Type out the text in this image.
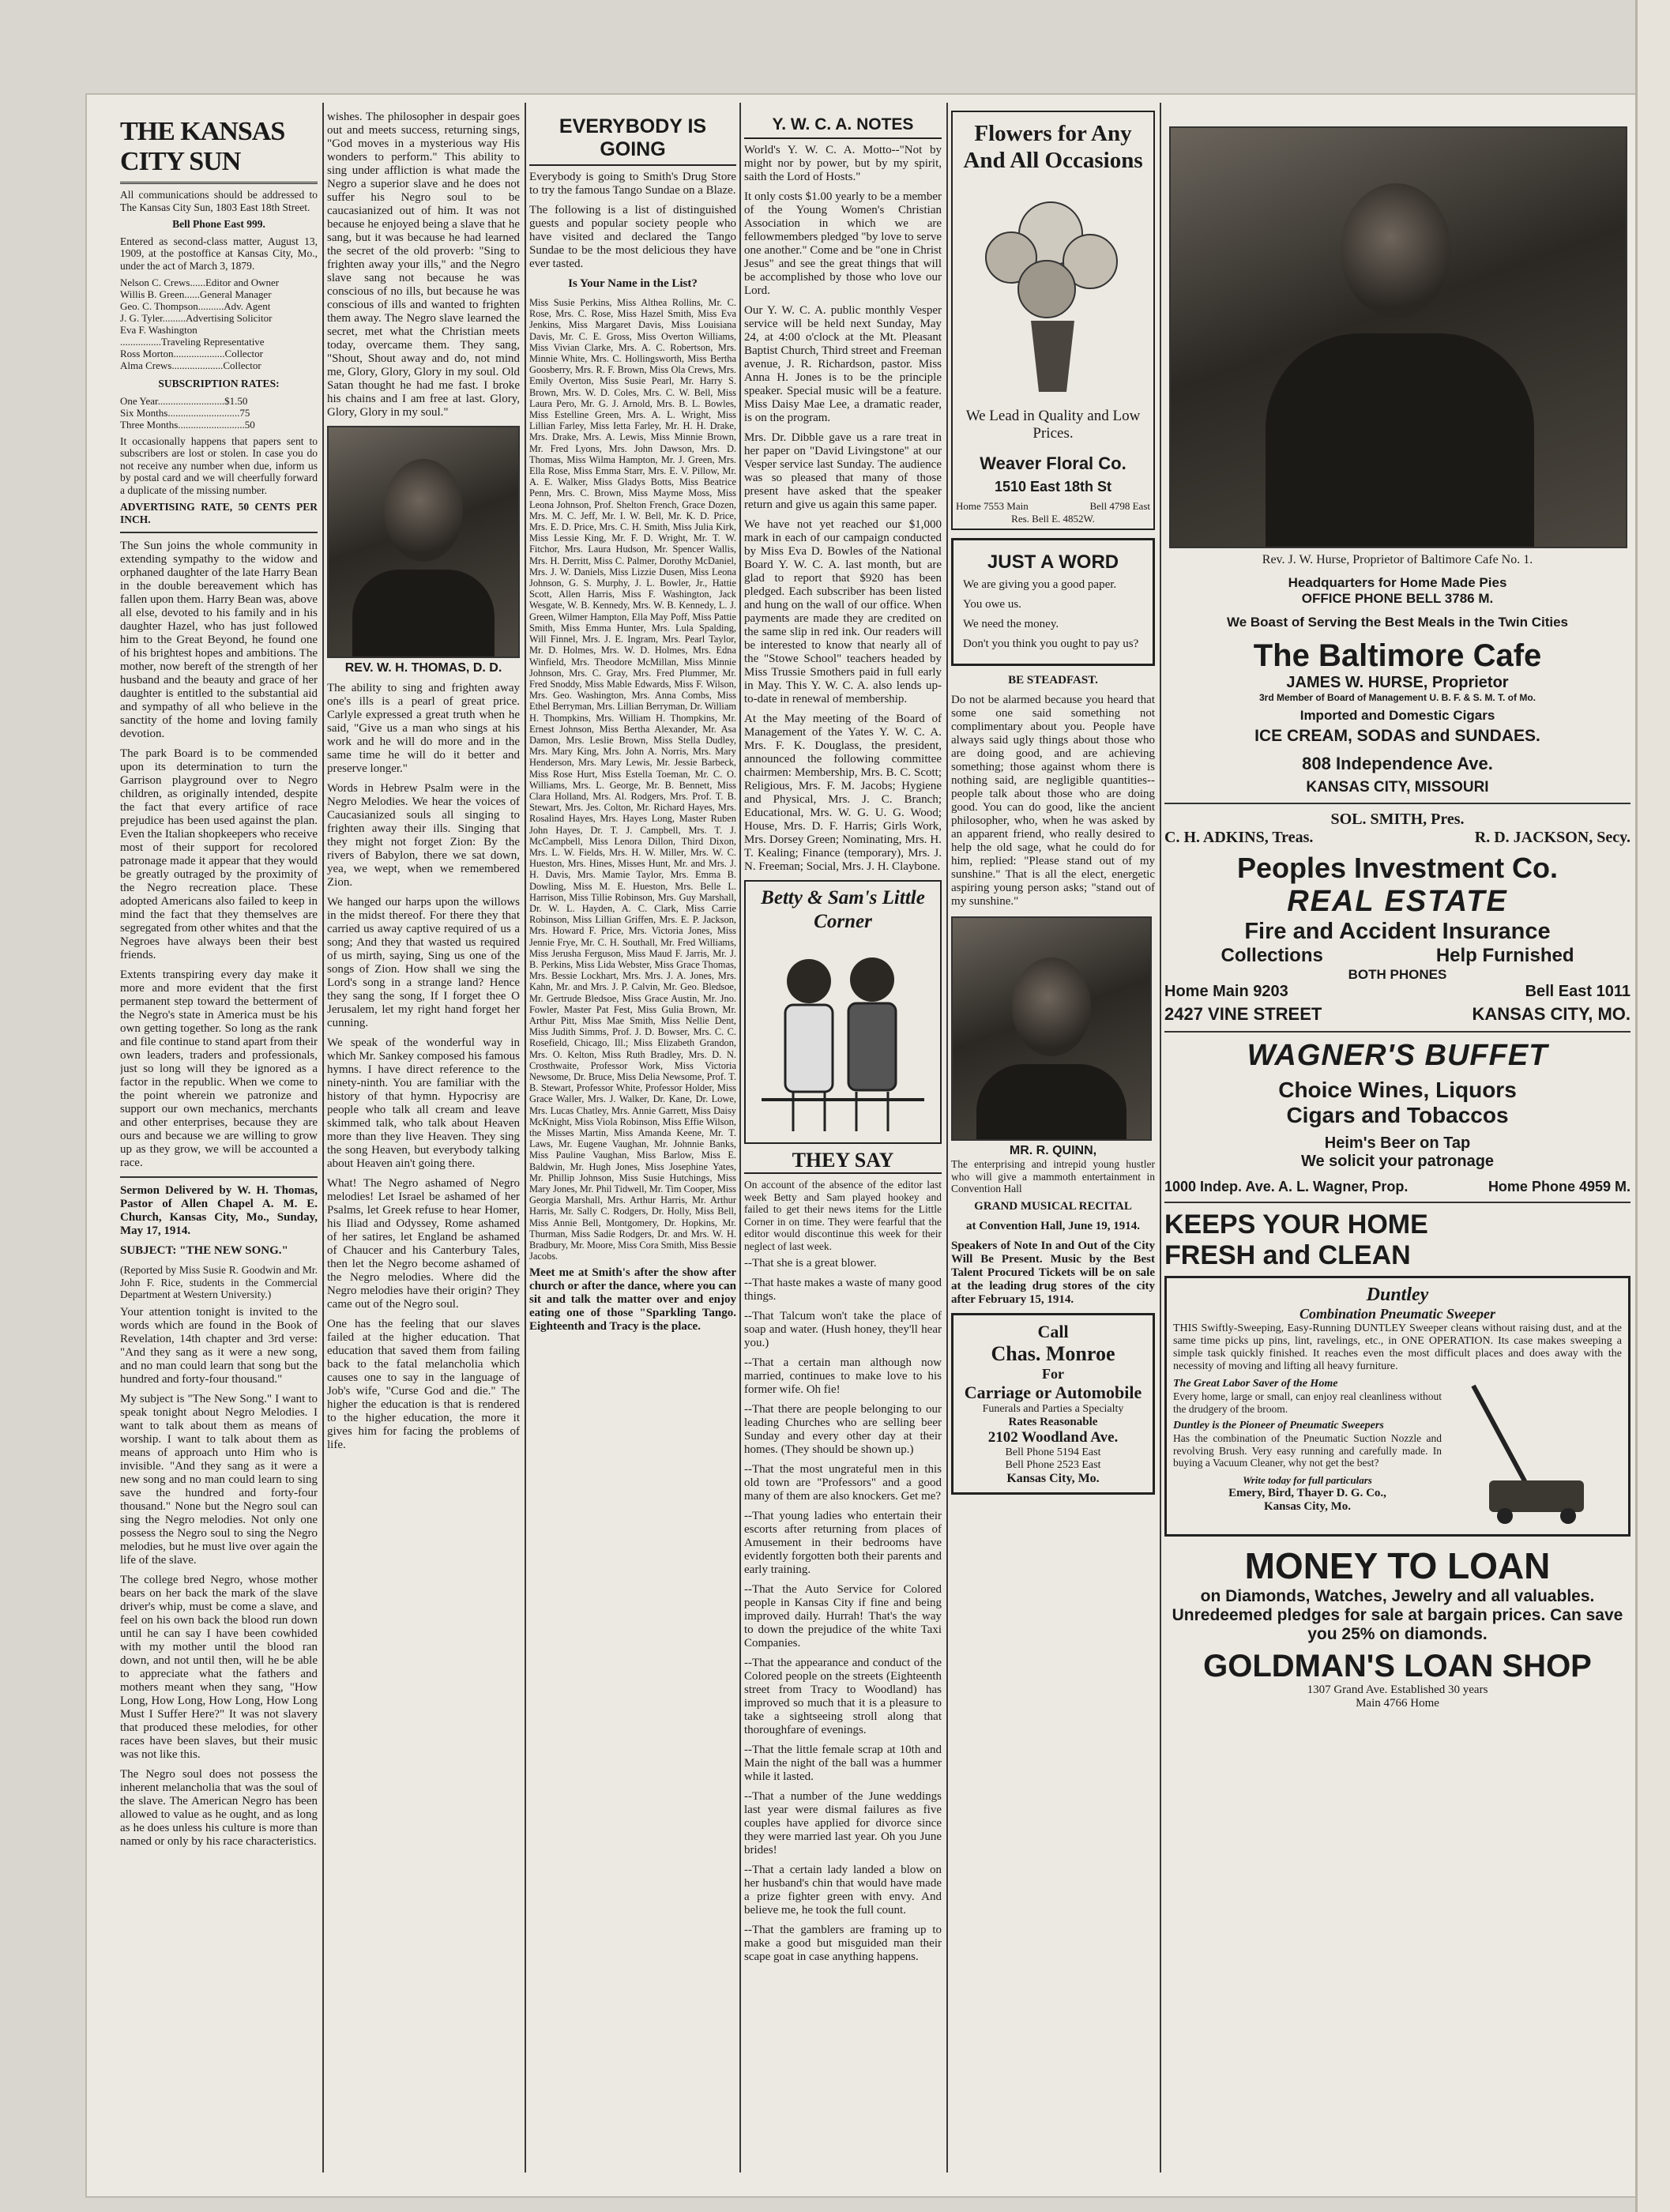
THE KANSAS CITY SUN

All communications should be addressed to The Kansas City Sun, 1803 East 18th Street.

Bell Phone East 999.

Entered as second-class matter, August 13, 1909, at the postoffice at Kansas City, Mo., under the act of March 3, 1879.

Nelson C. Crews......Editor and Owner
Willis B. Green......General Manager
Geo. C. Thompson..........Adv. Agent
J. G. Tyler.........Advertising Solicitor
Eva F. Washington
................Traveling Representative
Ross Morton....................Collector
Alma Crews....................Collector
SUBSCRIPTION RATES:
One Year..........................$1.50
Six Months............................75
Three Months..........................50

It occasionally happens that papers sent to subscribers are lost or stolen. In case you do not receive any number when due, inform us by postal card and we will cheerfully forward a duplicate of the missing number.

ADVERTISING RATE, 50 CENTS PER INCH.

The Sun joins the whole community in extending sympathy to the widow and orphaned daughter of the late Harry Bean in the double bereavement which has fallen upon them. Harry Bean was, above all else, devoted to his family and in his daughter Hazel, who has just followed him to the Great Beyond, he found one of his brightest hopes and ambitions. The mother, now bereft of the strength of her husband and the beauty and grace of her daughter is entitled to the substantial aid and sympathy of all who believe in the sanctity of the home and loving family devotion.

The park Board is to be commended upon its determination to turn the Garrison playground over to Negro children, as originally intended, despite the fact that every artifice of race prejudice has been used against the plan. Even the Italian shopkeepers who receive most of their support for recolored patronage made it appear that they would be greatly outraged by the proximity of the Negro recreation place. These adopted Americans also failed to keep in mind the fact that they themselves are segregated from other whites and that the Negroes have always been their best friends.

Extents transpiring every day make it more and more evident that the first permanent step toward the betterment of the Negro's state in America must be his own getting together. So long as the rank and file continue to stand apart from their own leaders, traders and professionals, just so long will they be ignored as a factor in the republic. When we come to the point wherein we patronize and support our own mechanics, merchants and other enterprises, because they are ours and because we are willing to grow up as they grow, we will be accounted a race.

Sermon Delivered by W. H. Thomas, Pastor of Allen Chapel A. M. E. Church, Kansas City, Mo., Sunday, May 17, 1914.

SUBJECT: "THE NEW SONG."

(Reported by Miss Susie R. Goodwin and Mr. John F. Rice, students in the Commercial Department at Western University.)

Your attention tonight is invited to the words which are found in the Book of Revelation, 14th chapter and 3rd verse: "And they sang as it were a new song, and no man could learn that song but the hundred and forty-four thousand."

My subject is "The New Song." I want to speak tonight about Negro Melodies. I want to talk about them as means of worship. I want to talk about them as means of approach unto Him who is invisible. "And they sang as it were a new song and no man could learn to sing save the hundred and forty-four thousand." None but the Negro soul can sing the Negro melodies. Not only one possess the Negro soul to sing the Negro melodies, but he must live over again the life of the slave.

The college bred Negro, whose mother bears on her back the mark of the slave driver's whip, must be come a slave, and feel on his own back the blood run down until he can say I have been cowhided with my mother until the blood ran down, and not until then, will he be able to appreciate what the fathers and mothers meant when they sang, "How Long, How Long, How Long, How Long Must I Suffer Here?" It was not slavery that produced these melodies, for other races have been slaves, but their music was not like this.

The Negro soul does not possess the inherent melancholia that was the soul of the slave. The American Negro has been allowed to value as he ought, and as long as he does unless his culture is more than named or only by his race characteristics.

wishes. The philosopher in despair goes out and meets success, returning sings, "God moves in a mysterious way His wonders to perform." This ability to sing under affliction is what made the Negro a superior slave and he does not suffer his Negro soul to be caucasianized out of him. It was not because he enjoyed being a slave that he sang, but it was because he had learned the secret of the old proverb: "Sing to frighten away your ills," and the Negro slave sang not because he was conscious of no ills, but because he was conscious of ills and wanted to frighten them away. The Negro slave learned the secret, met what the Christian meets today, overcame them. They sang, "Shout, Shout away and do, not mind me, Glory, Glory, Glory in my soul. Old Satan thought he had me fast. I broke his chains and I am free at last. Glory, Glory, Glory in my soul."

REV. W. H. THOMAS, D. D.

The ability to sing and frighten away one's ills is a pearl of great price. Carlyle expressed a great truth when he said, "Give us a man who sings at his work and he will do more and in the same time he will do it better and preserve longer."

Words in Hebrew Psalm were in the Negro Melodies. We hear the voices of Caucasianized souls all singing to frighten away their ills. Singing that they might not forget Zion: By the rivers of Babylon, there we sat down, yea, we wept, when we remembered Zion.

We hanged our harps upon the willows in the midst thereof. For there they that carried us away captive required of us a song; And they that wasted us required of us mirth, saying, Sing us one of the songs of Zion. How shall we sing the Lord's song in a strange land? Hence they sang the song, If I forget thee O Jerusalem, let my right hand forget her cunning.

We speak of the wonderful way in which Mr. Sankey composed his famous hymns. I have direct reference to the ninety-ninth. You are familiar with the history of that hymn. Hypocrisy are people who talk all cream and leave skimmed talk, who talk about Heaven more than they live Heaven. They sing the song Heaven, but everybody talking about Heaven ain't going there.

What! The Negro ashamed of Negro melodies! Let Israel be ashamed of her Psalms, let Greek refuse to hear Homer, his Iliad and Odyssey, Rome ashamed of her satires, let England be ashamed of Chaucer and his Canterbury Tales, then let the Negro become ashamed of the Negro melodies. Where did the Negro melodies have their origin? They came out of the Negro soul.

One has the feeling that our slaves failed at the higher education. That education that saved them from failing back to the fatal melancholia which causes one to say in the language of Job's wife, "Curse God and die." The higher the education is that is rendered to the higher education, the more it gives him for facing the problems of life.

EVERYBODY IS GOING

Everybody is going to Smith's Drug Store to try the famous Tango Sundae on a Blaze.

The following is a list of distinguished guests and popular society people who have visited and declared the Tango Sundae to be the most delicious they have ever tasted.

Is Your Name in the List?

Miss Susie Perkins, Miss Althea Rollins, Mr. C. Rose, Mrs. C. Rose, Miss Hazel Smith, Miss Eva Jenkins, Miss Margaret Davis, Miss Louisiana Davis, Mr. C. E. Gross, Miss Overton Williams, Miss Vivian Clarke, Mrs. A. C. Robertson, Mrs. Minnie White, Mrs. C. Hollingsworth, Miss Bertha Goosberry, Mrs. R. F. Brown, Miss Ola Crews, Mrs. Emily Overton, Miss Susie Pearl, Mr. Harry S. Brown, Mrs. W. D. Coles, Mrs. C. W. Bell, Miss Laura Pero, Mr. G. J. Arnold, Mrs. B. L. Bowles, Miss Estelline Green, Mrs. A. L. Wright, Miss Lillian Farley, Miss Ietta Farley, Mr. H. H. Drake, Mrs. Drake, Mrs. A. Lewis, Miss Minnie Brown, Mr. Fred Lyons, Mrs. John Dawson, Mrs. D. Thomas, Miss Wilma Hampton, Mr. J. Green, Mrs. Ella Rose, Miss Emma Starr, Mrs. E. V. Pillow, Mr. A. E. Walker, Miss Gladys Botts, Miss Beatrice Penn, Mrs. C. Brown, Miss Mayme Moss, Miss Leona Johnson, Prof. Shelton French, Grace Dozen, Mrs. M. C. Jeff, Mr. I. W. Bell, Mr. K. D. Price, Mrs. E. D. Price, Mrs. C. H. Smith, Miss Julia Kirk, Miss Lessie King, Mr. F. D. Wright, Mr. T. W. Fitchor, Mrs. Laura Hudson, Mr. Spencer Wallis, Mrs. H. Derritt, Miss C. Palmer, Dorothy McDaniel, Mrs. J. W. Daniels, Miss Lizzie Dusen, Miss Leona Johnson, G. S. Murphy, J. L. Bowler, Jr., Hattie Scott, Allen Harris, Miss F. Washington, Jack Wesgate, W. B. Kennedy, Mrs. W. B. Kennedy, L. J. Green, Wilmer Hampton, Ella May Poff, Miss Pattie Smith, Miss Emma Hunter, Mrs. Lula Spalding, Will Finnel, Mrs. J. E. Ingram, Mrs. Pearl Taylor, Mr. D. Holmes, Mrs. W. D. Holmes, Mrs. Edna Winfield, Mrs. Theodore McMillan, Miss Minnie Johnson, Mrs. C. Gray, Mrs. Fred Plummer, Mr. Fred Snoddy, Miss Mable Edwards, Miss F. Wilson, Mrs. Geo. Washington, Mrs. Anna Combs, Miss Ethel Berryman, Mrs. Lillian Berryman, Dr. William H. Thompkins, Mrs. William H. Thompkins, Mr. Ernest Johnson, Miss Bertha Alexander, Mr. Asa Damon, Mrs. Leslie Brown, Miss Stella Dudley, Mrs. Mary King, Mrs. John A. Norris, Mrs. Mary Henderson, Mrs. Mary Lewis, Mr. Jessie Barbeck, Miss Rose Hurt, Miss Estella Toeman, Mr. C. O. Williams, Mrs. L. George, Mr. B. Bennett, Miss Clara Holland, Mrs. Al. Rodgers, Mrs. Prof. T. B. Stewart, Mrs. Jes. Colton, Mr. Richard Hayes, Mrs. Rosalind Hayes, Mrs. Hayes Long, Master Ruben John Hayes, Dr. T. J. Campbell, Mrs. T. J. McCampbell, Miss Lenora Dillon, Third Dixon, Mrs. L. W. Fields, Mrs. H. W. Miller, Mrs. W. C. Hueston, Mrs. Hines, Misses Hunt, Mr. and Mrs. J. H. Davis, Mrs. Mamie Taylor, Mrs. Emma B. Dowling, Miss M. E. Hueston, Mrs. Belle L. Harrison, Miss Tillie Robinson, Mrs. Guy Marshall, Dr. W. L. Hayden, A. C. Clark, Miss Carrie Robinson, Miss Lillian Griffen, Mrs. E. P. Jackson, Mrs. Howard F. Price, Mrs. Victoria Jones, Miss Jennie Frye, Mr. C. H. Southall, Mr. Fred Williams, Miss Jerusha Ferguson, Miss Maud F. Jarris, Mr. J. B. Perkins, Miss Lida Webster, Miss Grace Thomas, Mrs. Bessie Lockhart, Mrs. Mrs. J. A. Jones, Mrs. Kahn, Mr. and Mrs. J. P. Calvin, Mr. Geo. Bledsoe, Mr. Gertrude Bledsoe, Miss Grace Austin, Mr. Jno. Fowler, Master Pat Fest, Miss Gulia Brown, Mr. Arthur Pitt, Miss Mae Smith, Miss Nellie Dent, Miss Judith Simms, Prof. J. D. Bowser, Mrs. C. C. Rosefield, Chicago, Ill.; Miss Elizabeth Grandon, Mrs. O. Kelton, Miss Ruth Bradley, Mrs. D. N. Crosthwaite, Professor Work, Miss Victoria Newsome, Dr. Bruce, Miss Delia Newsome, Prof. T. B. Stewart, Professor White, Professor Holder, Miss Grace Waller, Mrs. J. Walker, Dr. Kane, Dr. Lowe, Mrs. Lucas Chatley, Mrs. Annie Garrett, Miss Daisy McKnight, Miss Viola Robinson, Miss Effie Wilson, the Misses Martin, Miss Amanda Keene, Mr. T. Laws, Mr. Eugene Vaughan, Mr. Johnnie Banks, Miss Pauline Vaughan, Miss Barlow, Miss E. Baldwin, Mr. Hugh Jones, Miss Josephine Yates, Mr. Phillip Johnson, Miss Susie Hutchings, Miss Mary Jones, Mr. Phil Tidwell, Mr. Tim Cooper, Miss Georgia Marshall, Mrs. Arthur Harris, Mr. Arthur Harris, Mr. Sally C. Rodgers, Dr. Holly, Miss Bell, Miss Annie Bell, Montgomery, Dr. Hopkins, Mr. Thurman, Miss Sadie Rodgers, Dr. and Mrs. W. H. Bradbury, Mr. Moore, Miss Cora Smith, Miss Bessie Jacobs.

Meet me at Smith's after the show after church or after the dance, where you can sit and talk the matter over and enjoy eating one of those "Sparkling Tango. Eighteenth and Tracy is the place.

Y. W. C. A. NOTES

World's Y. W. C. A. Motto--"Not by might nor by power, but by my spirit, saith the Lord of Hosts."

It only costs $1.00 yearly to be a member of the Young Women's Christian Association in which we are fellowmembers pledged "by love to serve one another." Come and be "one in Christ Jesus" and see the great things that will be accomplished by those who love our Lord.

Our Y. W. C. A. public monthly Vesper service will be held next Sunday, May 24, at 4:00 o'clock at the Mt. Pleasant Baptist Church, Third street and Freeman avenue, J. R. Richardson, pastor. Miss Anna H. Jones is to be the principle speaker. Special music will be a feature. Miss Daisy Mae Lee, a dramatic reader, is on the program.

Mrs. Dr. Dibble gave us a rare treat in her paper on "David Livingstone" at our Vesper service last Sunday. The audience was so pleased that many of those present have asked that the speaker return and give us again this same paper.

We have not yet reached our $1,000 mark in each of our campaign conducted by Miss Eva D. Bowles of the National Board Y. W. C. A. last month, but are glad to report that $920 has been pledged. Each subscriber has been listed and hung on the wall of our office. When payments are made they are credited on the same slip in red ink. Our readers will be interested to know that nearly all of the "Stowe School" teachers headed by Miss Trussie Smothers paid in full early in May. This Y. W. C. A. also lends up-to-date in renewal of membership.

At the May meeting of the Board of Management of the Yates Y. W. C. A. Mrs. F. K. Douglass, the president, announced the following committee chairmen: Membership, Mrs. B. C. Scott; Religious, Mrs. F. M. Jacobs; Hygiene and Physical, Mrs. J. C. Branch; Educational, Mrs. W. G. U. G. Wood; House, Mrs. D. F. Harris; Girls Work, Mrs. Dorsey Green; Nominating, Mrs. H. T. Kealing; Finance (temporary), Mrs. J. N. Freeman; Social, Mrs. J. H. Claybone.

Betty & Sam's Little Corner
THEY SAY

On account of the absence of the editor last week Betty and Sam played hookey and failed to get their news items for the Little Corner in on time. They were fearful that the editor would discontinue this week for their neglect of last week.

--That she is a great blower.

--That haste makes a waste of many good things.

--That Talcum won't take the place of soap and water. (Hush honey, they'll hear you.)

--That a certain man although now married, continues to make love to his former wife. Oh fie!

--That there are people belonging to our leading Churches who are selling beer Sunday and every other day at their homes. (They should be shown up.)

--That the most ungrateful men in this old town are "Professors" and a good many of them are also knockers. Get me?

--That young ladies who entertain their escorts after returning from places of Amusement in their bedrooms have evidently forgotten both their parents and early training.

--That the Auto Service for Colored people in Kansas City if fine and being improved daily. Hurrah! That's the way to down the prejudice of the white Taxi Companies.

--That the appearance and conduct of the Colored people on the streets (Eighteenth street from Tracy to Woodland) has improved so much that it is a pleasure to take a sightseeing stroll along that thoroughfare of evenings.

--That the little female scrap at 10th and Main the night of the ball was a hummer while it lasted.

--That a number of the June weddings last year were dismal failures as five couples have applied for divorce since they were married last year. Oh you June brides!

--That a certain lady landed a blow on her husband's chin that would have made a prize fighter green with envy. And believe me, he took the full count.

--That the gamblers are framing up to make a good but misguided man their scape goat in case anything happens.

Flowers for Any And All Occasions
We Lead in Quality and Low Prices.
Weaver Floral Co.
1510 East 18th St
Home 7553 Main	Bell 4798 East
Res. Bell E. 4852W.
JUST A WORD

We are giving you a good paper.

You owe us.

We need the money.

Don't you think you ought to pay us?

BE STEADFAST.

Do not be alarmed because you heard that some one said something not complimentary about you. People have always said ugly things about those who are doing good, and are achieving something; those against whom there is nothing said, are negligible quantities--people talk about those who are doing good. You can do good, like the ancient philosopher, who, when he was asked by an apparent friend, who really desired to help the old sage, what he could do for him, replied: "Please stand out of my sunshine." That is all the elect, energetic aspiring young person asks; "stand out of my sunshine."

MR. R. QUINN,

The enterprising and intrepid young hustler who will give a mammoth entertainment in Convention Hall

GRAND MUSICAL RECITAL
at Convention Hall, June 19, 1914.

Speakers of Note In and Out of the City Will Be Present. Music by the Best Talent Procured Tickets will be on sale at the leading drug stores of the city after February 15, 1914.

Call
Chas. Monroe
For
Carriage or Automobile
Funerals and Parties a Specialty
Rates Reasonable
2102 Woodland Ave.
Bell Phone 5194 East
Bell Phone 2523 East
Kansas City, Mo.
Rev. J. W. Hurse, Proprietor of Baltimore Cafe No. 1.
Headquarters for Home Made Pies
OFFICE PHONE BELL 3786 M.
We Boast of Serving the Best Meals in the Twin Cities
The Baltimore Cafe
JAMES W. HURSE, Proprietor
3rd Member of Board of Management U. B. F. & S. M. T. of Mo.
Imported and Domestic Cigars
ICE CREAM, SODAS and SUNDAES.
808 Independence Ave.
KANSAS CITY, MISSOURI
SOL. SMITH, Pres.
C. H. ADKINS, Treas.	R. D. JACKSON, Secy.
Peoples Investment Co.
REAL ESTATE
Fire and Accident Insurance
Collections	Help Furnished
BOTH PHONES
Home Main 9203	Bell East 1011
2427 VINE STREET	KANSAS CITY, MO.
WAGNER'S BUFFET
Choice Wines, Liquors
Cigars and Tobaccos
Heim's Beer on Tap
We solicit your patronage
1000 Indep. Ave. A. L. Wagner, Prop.	Home Phone 4959 M.
KEEPS YOUR HOME
FRESH and CLEAN
Duntley
Combination Pneumatic Sweeper

THIS Swiftly-Sweeping, Easy-Running DUNTLEY Sweeper cleans without raising dust, and at the same time picks up pins, lint, ravelings, etc., in ONE OPERATION. Its case makes sweeping a simple task quickly finished. It reaches even the most difficult places and does away with the necessity of moving and lifting all heavy furniture.

The Great Labor Saver of the Home

Every home, large or small, can enjoy real cleanliness without the drudgery of the broom.

Duntley is the Pioneer of Pneumatic Sweepers

Has the combination of the Pneumatic Suction Nozzle and revolving Brush. Very easy running and carefully made. In buying a Vacuum Cleaner, why not get the best?

Write today for full particulars
Emery, Bird, Thayer D. G. Co.,
Kansas City, Mo.
MONEY TO LOAN
on Diamonds, Watches, Jewelry and all valuables. Unredeemed pledges for sale at bargain prices. Can save you 25% on diamonds.
GOLDMAN'S LOAN SHOP
1307 Grand Ave. Established 30 years
Main 4766 Home
